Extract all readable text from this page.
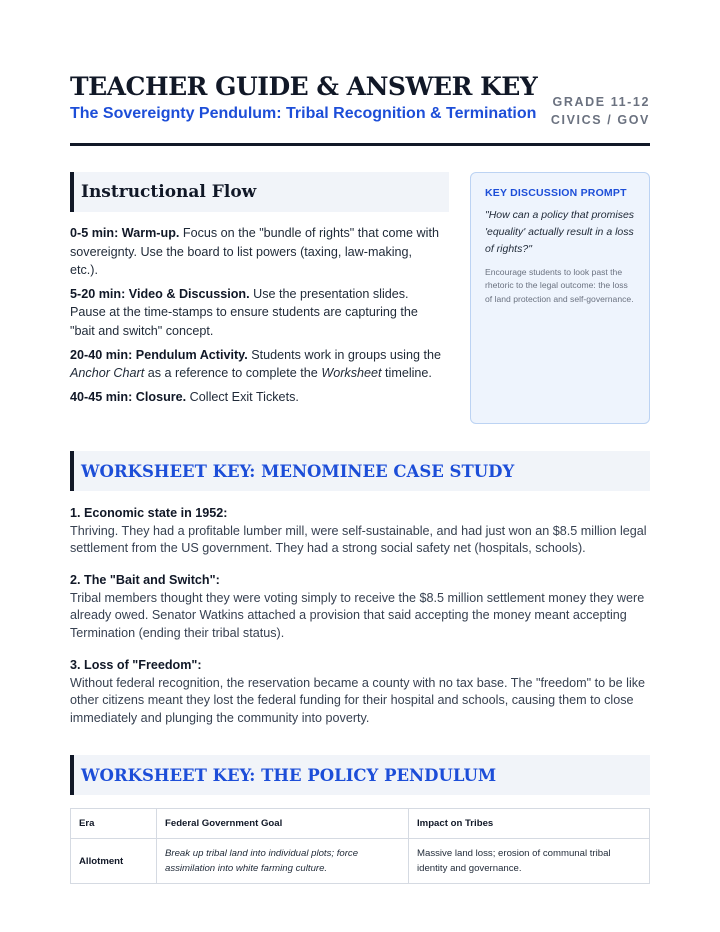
TEACHER GUIDE & ANSWER KEY
The Sovereignty Pendulum: Tribal Recognition & Termination
GRADE 11-12
CIVICS / GOV
Instructional Flow

0-5 min: Warm-up. Focus on the "bundle of rights" that come with sovereignty. Use the board to list powers (taxing, law-making, etc.).

5-20 min: Video & Discussion. Use the presentation slides. Pause at the time-stamps to ensure students are capturing the "bait and switch" concept.

20-40 min: Pendulum Activity. Students work in groups using the Anchor Chart as a reference to complete the Worksheet timeline.

40-45 min: Closure. Collect Exit Tickets.

KEY DISCUSSION PROMPT
"How can a policy that promises 'equality' actually result in a loss of rights?"
Encourage students to look past the rhetoric to the legal outcome: the loss of land protection and self-governance.
WORKSHEET KEY: MENOMINEE CASE STUDY
1. Economic state in 1952:
Thriving. They had a profitable lumber mill, were self-sustainable, and had just won an $8.5 million legal settlement from the US government. They had a strong social safety net (hospitals, schools).
2. The "Bait and Switch":
Tribal members thought they were voting simply to receive the $8.5 million settlement money they were already owed. Senator Watkins attached a provision that said accepting the money meant accepting Termination (ending their tribal status).
3. Loss of "Freedom":
Without federal recognition, the reservation became a county with no tax base. The "freedom" to be like other citizens meant they lost the federal funding for their hospital and schools, causing them to close immediately and plunging the community into poverty.
WORKSHEET KEY: THE POLICY PENDULUM
Era	Federal Government Goal	Impact on Tribes
Allotment	Break up tribal land into individual plots; force assimilation into white farming culture.	Massive land loss; erosion of communal tribal identity and governance.
